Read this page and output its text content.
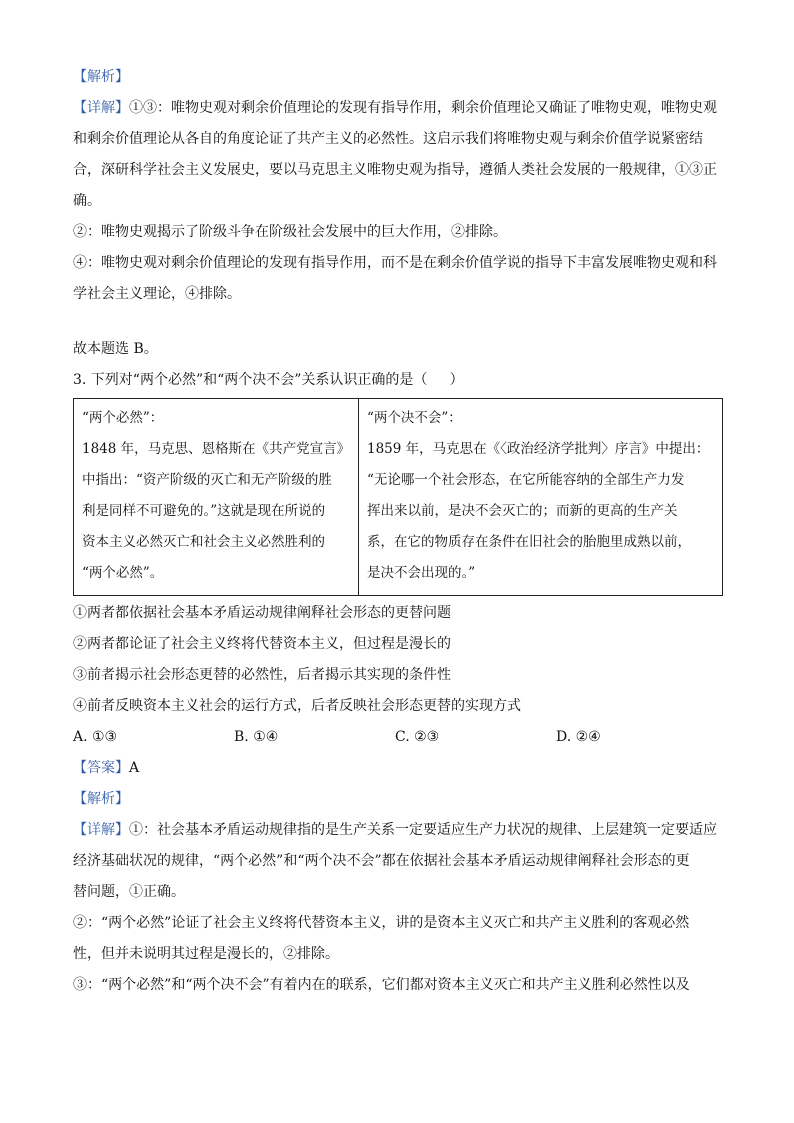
【解析】

【详解】①③：唯物史观对剩余价值理论的发现有指导作用，剩余价值理论又确证了唯物史观，唯物史观

和剩余价值理论从各自的角度论证了共产主义的必然性。这启示我们将唯物史观与剩余价值学说紧密结

合，深研科学社会主义发展史，要以马克思主义唯物史观为指导，遵循人类社会发展的一般规律，①③正

确。

②：唯物史观揭示了阶级斗争在阶级社会发展中的巨大作用，②排除。

④：唯物史观对剩余价值理论的发现有指导作用，而不是在剩余价值学说的指导下丰富发展唯物史观和科

学社会主义理论，④排除。

故本题选 B。

3. 下列对“两个必然”和“两个决不会”关系认识正确的是（     ）

“两个必然”：
1848 年，马克思、恩格斯在《共产党宣言》
中指出：“资产阶级的灭亡和无产阶级的胜
利是同样不可避免的。”这就是现在所说的
资本主义必然灭亡和社会主义必然胜利的
“两个必然”。

“两个决不会”：
1859 年，马克思在《〈政治经济学批判〉序言》中提出：
“无论哪一个社会形态，在它所能容纳的全部生产力发
挥出来以前，是决不会灭亡的；而新的更高的生产关
系，在它的物质存在条件在旧社会的胎胞里成熟以前，
是决不会出现的。”

①两者都依据社会基本矛盾运动规律阐释社会形态的更替问题

②两者都论证了社会主义终将代替资本主义，但过程是漫长的

③前者揭示社会形态更替的必然性，后者揭示其实现的条件性

④前者反映资本主义社会的运行方式，后者反映社会形态更替的实现方式

A. ①③	B. ①④	C. ②③	D. ②④

【答案】A

【解析】

【详解】①：社会基本矛盾运动规律指的是生产关系一定要适应生产力状况的规律、上层建筑一定要适应

经济基础状况的规律，“两个必然”和“两个决不会”都在依据社会基本矛盾运动规律阐释社会形态的更

替问题，①正确。

②：“两个必然”论证了社会主义终将代替资本主义，讲的是资本主义灭亡和共产主义胜利的客观必然

性，但并未说明其过程是漫长的，②排除。

③：“两个必然”和“两个决不会”有着内在的联系，它们都对资本主义灭亡和共产主义胜利必然性以及
